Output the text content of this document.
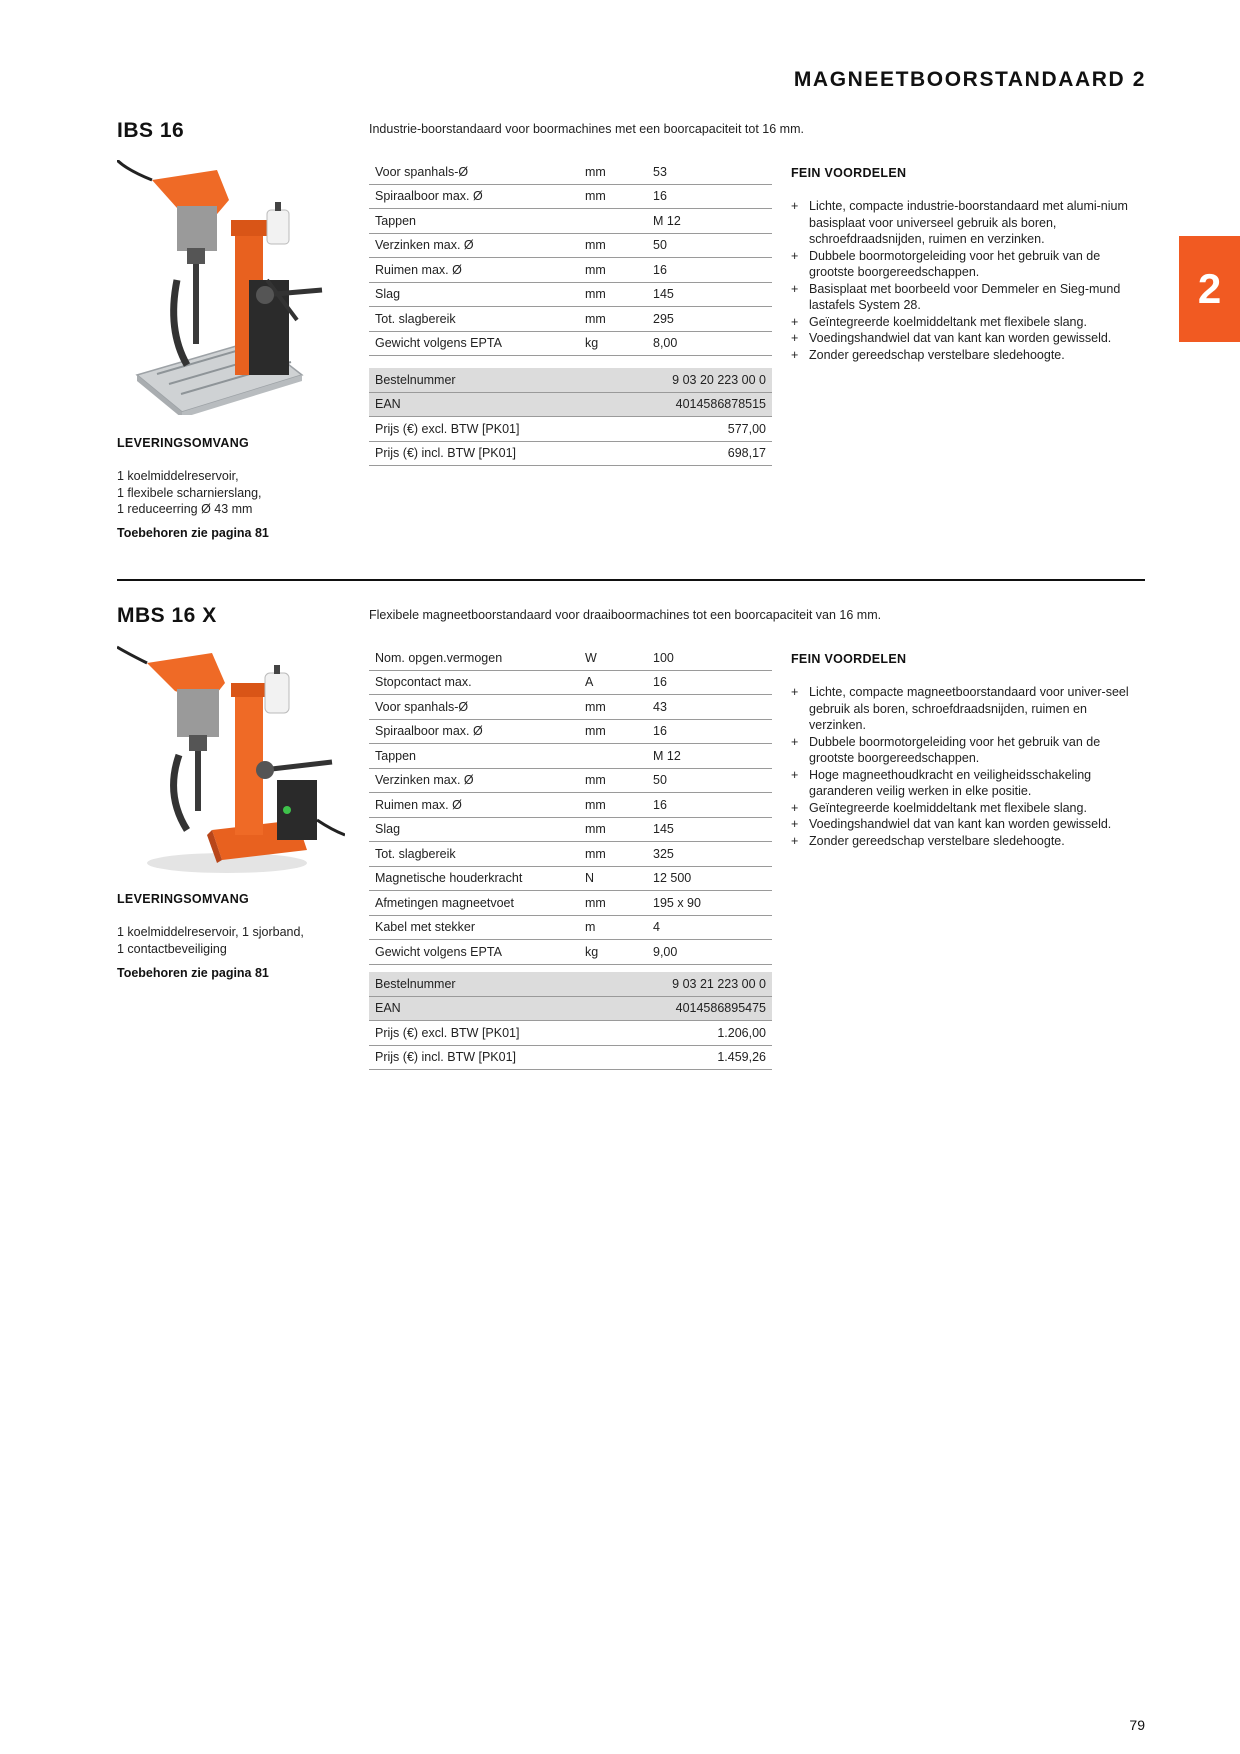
MAGNEETBOORSTANDAARD 2
2
IBS 16	Industrie-boorstandaard voor boormachines met een boorcapaciteit tot 16 mm.
LEVERINGSOMVANG
1 koelmiddelreservoir,
1 flexibele scharnierslang,
1 reduceerring Ø 43 mm
Toebehoren zie pagina 81
Voor spanhals-Ø	mm	53
Spiraalboor max. Ø	mm	16
Tappen		M 12
Verzinken max. Ø	mm	50
Ruimen max. Ø	mm	16
Slag	mm	145
Tot. slagbereik	mm	295
Gewicht volgens EPTA	kg	8,00
Bestelnummer	9 03 20 223 00 0
EAN	4014586878515
Prijs (€) excl. BTW [PK01]	577,00
Prijs (€) incl. BTW [PK01]	698,17
FEIN VOORDELEN
+ Lichte, compacte industrie-boorstandaard met alumi-nium basisplaat voor universeel gebruik als boren, schroefdraadsnijden, ruimen en verzinken.
+ Dubbele boormotorgeleiding voor het gebruik van de grootste boorgereedschappen.
+ Basisplaat met boorbeeld voor Demmeler en Sieg-mund lastafels System 28.
+ Geïntegreerde koelmiddeltank met flexibele slang.
+ Voedingshandwiel dat van kant kan worden gewisseld.
+ Zonder gereedschap verstelbare sledehoogte.
MBS 16 X	Flexibele magneetboorstandaard voor draaiboormachines tot een boorcapaciteit van 16 mm.
LEVERINGSOMVANG
1 koelmiddelreservoir, 1 sjorband,
1 contactbeveiliging
Toebehoren zie pagina 81
Nom. opgen.vermogen	W	100
Stopcontact max.	A	16
Voor spanhals-Ø	mm	43
Spiraalboor max. Ø	mm	16
Tappen		M 12
Verzinken max. Ø	mm	50
Ruimen max. Ø	mm	16
Slag	mm	145
Tot. slagbereik	mm	325
Magnetische houderkracht	N	12 500
Afmetingen magneetvoet	mm	195 x 90
Kabel met stekker	m	4
Gewicht volgens EPTA	kg	9,00
Bestelnummer	9 03 21 223 00 0
EAN	4014586895475
Prijs (€) excl. BTW [PK01]	1.206,00
Prijs (€) incl. BTW [PK01]	1.459,26
FEIN VOORDELEN
+ Lichte, compacte magneetboorstandaard voor univer-seel gebruik als boren, schroefdraadsnijden, ruimen en verzinken.
+ Dubbele boormotorgeleiding voor het gebruik van de grootste boorgereedschappen.
+ Hoge magneethoudkracht en veiligheidsschakeling garanderen veilig werken in elke positie.
+ Geïntegreerde koelmiddeltank met flexibele slang.
+ Voedingshandwiel dat van kant kan worden gewisseld.
+ Zonder gereedschap verstelbare sledehoogte.
79
